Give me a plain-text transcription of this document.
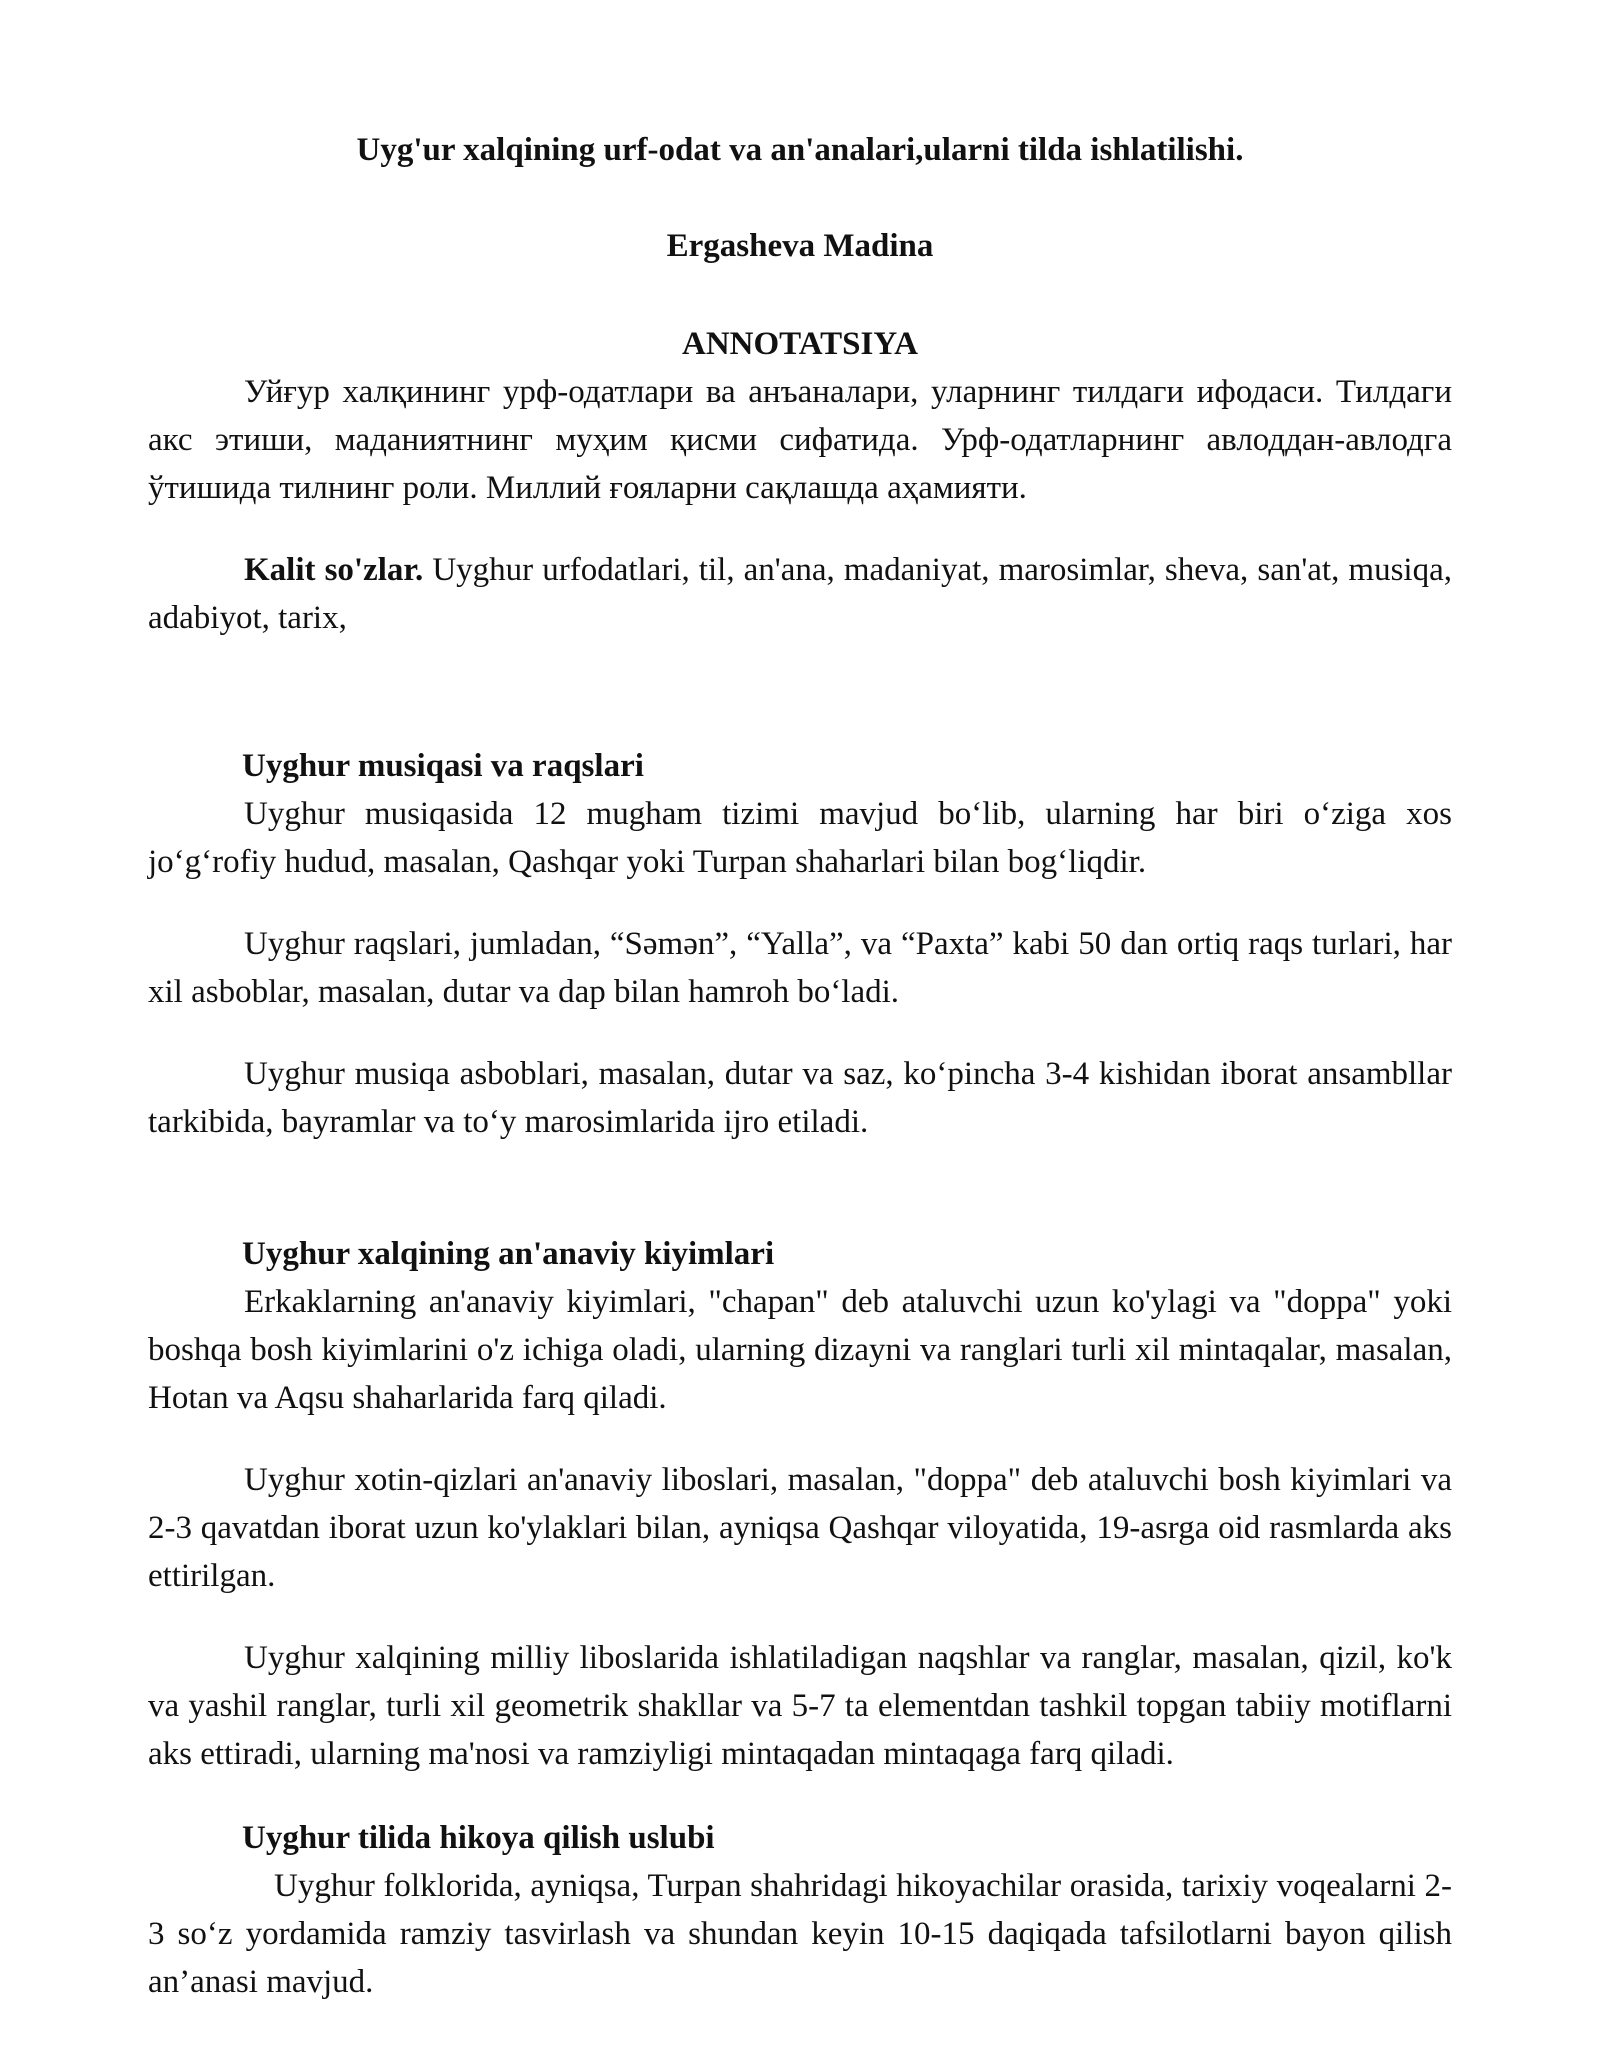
Uyg'ur xalqining urf-odat va an'analari,ularni tilda ishlatilishi.

Ergasheva Madina

ANNOTATSIYA

Уйғур халқининг урф-одатлари ва анъаналари, уларнинг тилдаги ифодаси. Тилдаги акс этиши, маданиятнинг муҳим қисми сифатида. Урф-одатларнинг авлоддан-авлодга ўтишида тилнинг роли. Миллий ғояларни сақлашда аҳамияти.

Kalit so'zlar. Uyghur urfodatlari, til, an'ana, madaniyat, marosimlar, sheva, san'at, musiqa, adabiyot, tarix,

Uyghur musiqasi va raqslari

Uyghur musiqasida 12 mugham tizimi mavjud bo‘lib, ularning har biri o‘ziga xos jo‘g‘rofiy hudud, masalan, Qashqar yoki Turpan shaharlari bilan bog‘liqdir.

Uyghur raqslari, jumladan, “Səmən”, “Yalla”, va “Paxta” kabi 50 dan ortiq raqs turlari, har xil asboblar, masalan, dutar va dap bilan hamroh bo‘ladi.

Uyghur musiqa asboblari, masalan, dutar va saz, ko‘pincha 3-4 kishidan iborat ansambllar tarkibida, bayramlar va to‘y marosimlarida ijro etiladi.

Uyghur xalqining an'anaviy kiyimlari

Erkaklarning an'anaviy kiyimlari, "chapan" deb ataluvchi uzun ko'ylagi va "doppa" yoki boshqa bosh kiyimlarini o'z ichiga oladi, ularning dizayni va ranglari turli xil mintaqalar, masalan, Hotan va Aqsu shaharlarida farq qiladi.

Uyghur xotin-qizlari an'anaviy liboslari, masalan, "doppa" deb ataluvchi bosh kiyimlari va 2-3 qavatdan iborat uzun ko'ylaklari bilan, ayniqsa Qashqar viloyatida, 19-asrga oid rasmlarda aks ettirilgan.

Uyghur xalqining milliy liboslarida ishlatiladigan naqshlar va ranglar, masalan, qizil, ko'k va yashil ranglar, turli xil geometrik shakllar va 5-7 ta elementdan tashkil topgan tabiiy motiflarni aks ettiradi, ularning ma'nosi va ramziyligi mintaqadan mintaqaga farq qiladi.

Uyghur tilida hikoya qilish uslubi

Uyghur folklorida, ayniqsa, Turpan shahridagi hikoyachilar orasida, tarixiy voqealarni 2-3 so‘z yordamida ramziy tasvirlash va shundan keyin 10-15 daqiqada tafsilotlarni bayon qilish an’anasi mavjud.
